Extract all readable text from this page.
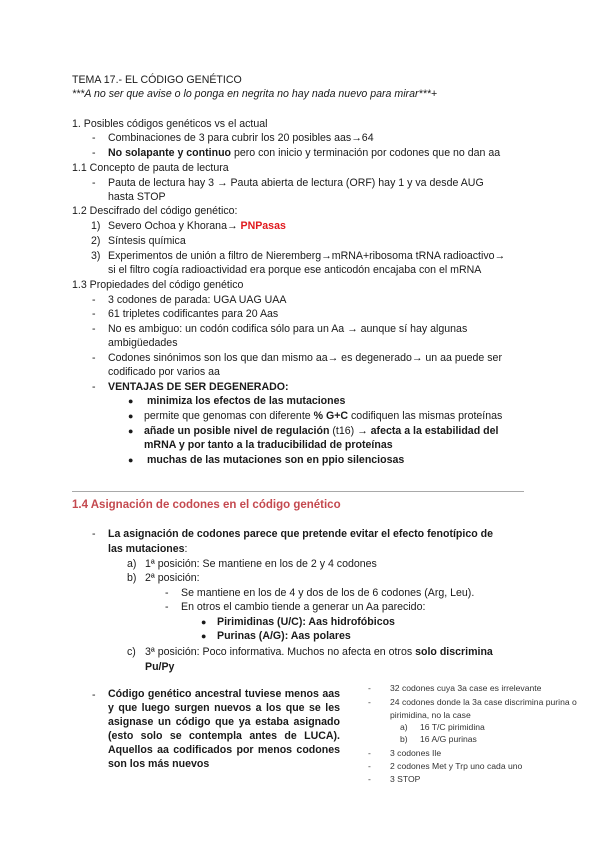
TEMA 17.- EL CÓDIGO GENÉTICO
***A no ser que avise o lo ponga en negrita no hay nada nuevo para mirar***+
1. Posibles códigos genéticos vs el actual
- Combinaciones de 3 para cubrir los 20 posibles aas→64
- No solapante y continuo pero con inicio y terminación por codones que no dan aa
1.1 Concepto de pauta de lectura
- Pauta de lectura hay 3 → Pauta abierta de lectura (ORF) hay 1 y va desde AUG
hasta STOP
1.2 Descifrado del código genético:
1) Severo Ochoa y Khorana→ PNPasas
2) Síntesis química
3) Experimentos de unión a filtro de Nieremberg→mRNA+ribosoma tRNA radioactivo→
si el filtro cogía radioactividad era porque ese anticodón encajaba con el mRNA
1.3 Propiedades del código genético
- 3 codones de parada: UGA UAG UAA
- 61 tripletes codificantes para 20 Aas
- No es ambiguo: un codón codifica sólo para un Aa → aunque sí hay algunas
ambigüedades
- Codones sinónimos son los que dan mismo aa→ es degenerado→ un aa puede ser
codificado por varios aa
- VENTAJAS DE SER DEGENERADO:
● minimiza los efectos de las mutaciones
● permite que genomas con diferente % G+C codifiquen las mismas proteínas
● añade un posible nivel de regulación (t16) → afecta a la estabilidad del
mRNA y por tanto a la traducibilidad de proteínas
● muchas de las mutaciones son en ppio silenciosas
1.4 Asignación de codones en el código genético
- La asignación de codones parece que pretende evitar el efecto fenotípico de
las mutaciones:
a) 1ª posición: Se mantiene en los de 2 y 4 codones
b) 2ª posición:
- Se mantiene en los de 4 y dos de los de 6 codones (Arg, Leu).
- En otros el cambio tiende a generar un Aa parecido:
● Pirimidinas (U/C): Aas hidrofóbicos
● Purinas (A/G): Aas polares
c) 3ª posición: Poco informativa. Muchos no afecta en otros solo discrimina
Pu/Py
- Código genético ancestral tuviese menos aas y que luego surgen nuevos a los que se les asignase un código que ya estaba asignado (esto solo se contempla antes de LUCA). Aquellos aa codificados por menos codones son los más nuevos
- 32 codones cuya 3a case es irrelevante
- 24 codones donde la 3a case discrimina purina o
pirimidina, no la case
a) 16 T/C pirimidina
b) 16 A/G purinas
- 3 codones Ile
- 2 codones Met y Trp uno cada uno
- 3 STOP
